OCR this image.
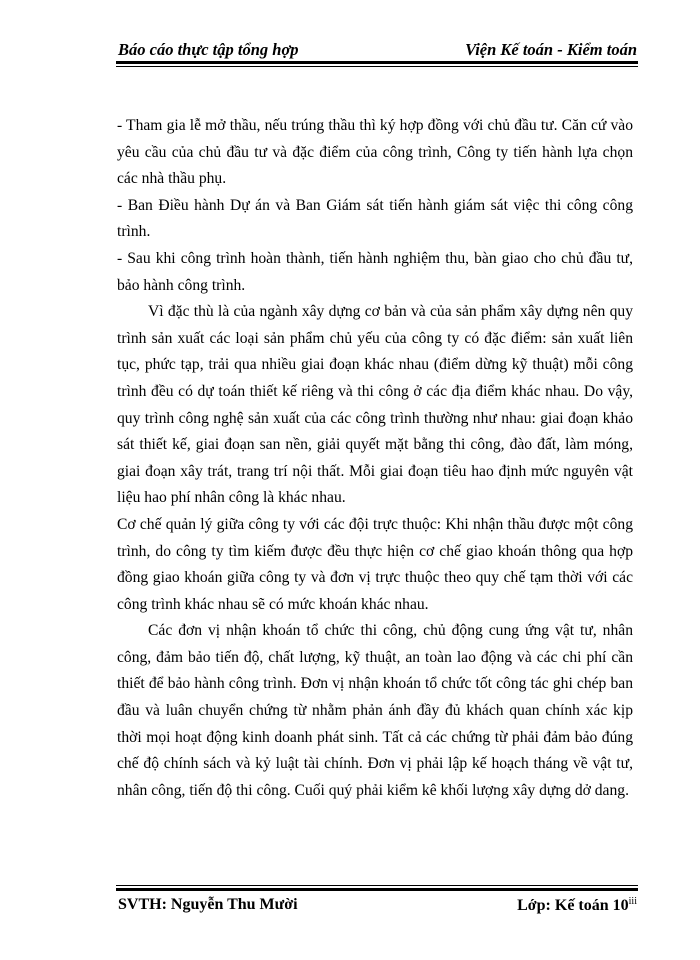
Báo cáo thực tập tổng hợp	Viện Kế toán - Kiểm toán

- Tham gia lễ mở thầu, nếu trúng thầu thì ký hợp đồng với chủ đầu tư. Căn cứ vào yêu cầu của chủ đầu tư và đặc điểm của công trình, Công ty tiến hành lựa chọn các nhà thầu phụ.

- Ban Điều hành Dự án và Ban Giám sát tiến hành giám sát việc thi công công trình.

- Sau khi công trình hoàn thành, tiến hành nghiệm thu, bàn giao cho chủ đầu tư, bảo hành công trình.

Vì đặc thù là của ngành xây dựng cơ bản và của sản phẩm xây dựng nên quy trình sản xuất các loại sản phẩm chủ yếu của công ty có đặc điểm: sản xuất liên tục, phức tạp, trải qua nhiều giai đoạn khác nhau (điểm dừng kỹ thuật) mỗi công trình đều có dự toán thiết kế riêng và thi công ở các địa điểm khác nhau. Do vậy, quy trình công nghệ sản xuất của các công trình thường như nhau: giai đoạn khảo sát thiết kế, giai đoạn san nền, giải quyết mặt bằng thi công, đào đất, làm móng, giai đoạn xây trát, trang trí nội thất. Mỗi giai đoạn tiêu hao định mức nguyên vật liệu hao phí nhân công là khác nhau.

Cơ chế quản lý giữa công ty với các đội trực thuộc: Khi nhận thầu được một công trình, do công ty tìm kiếm được đều thực hiện cơ chế giao khoán thông qua hợp đồng giao khoán giữa công ty và đơn vị trực thuộc theo quy chế tạm thời với các công trình khác nhau sẽ có mức khoán khác nhau.

Các đơn vị nhận khoán tổ chức thi công, chủ động cung ứng vật tư, nhân công, đảm bảo tiến độ, chất lượng, kỹ thuật, an toàn lao động và các chi phí cần thiết để bảo hành công trình. Đơn vị nhận khoán tổ chức tốt công tác ghi chép ban đầu và luân chuyển chứng từ nhằm phản ánh đầy đủ khách quan chính xác kịp thời mọi hoạt động kinh doanh phát sinh. Tất cả các chứng từ phải đảm bảo đúng chế độ chính sách và kỷ luật tài chính. Đơn vị phải lập kế hoạch tháng về vật tư, nhân công, tiến độ thi công. Cuối quý phải kiểm kê khối lượng xây dựng dở dang.

SVTH: Nguyễn Thu Mười	Lớp: Kế toán 10$^{iii}$
